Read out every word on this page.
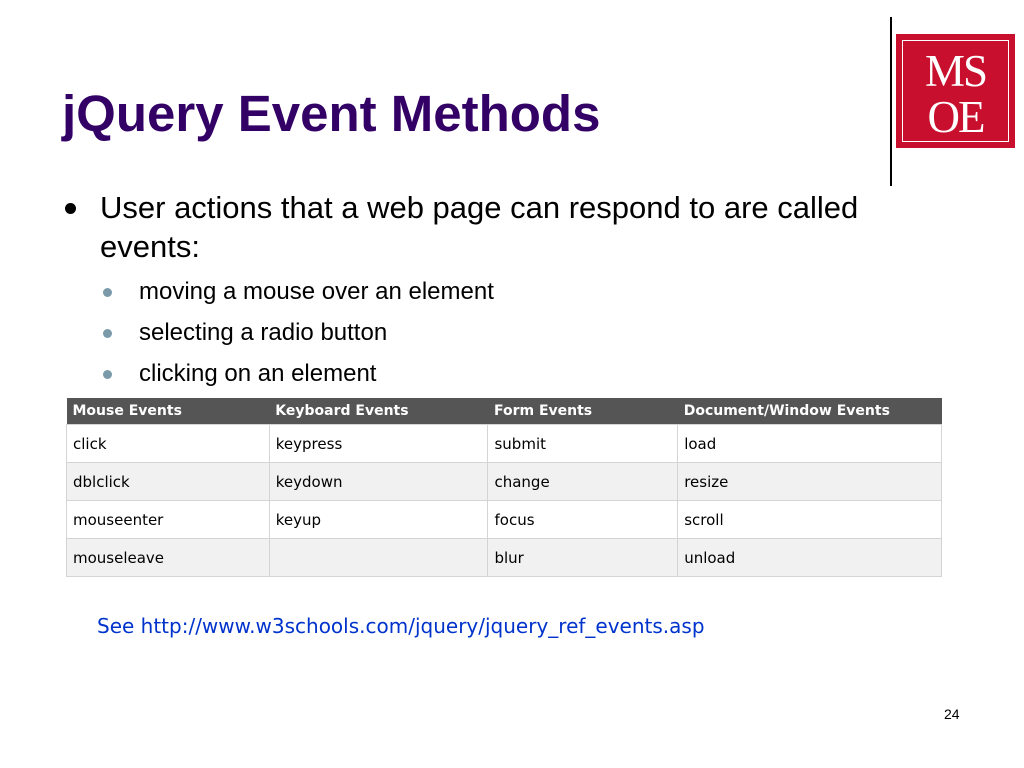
jQuery Event Methods
MS
OE
User actions that a web page can respond to are called events:
moving a mouse over an element
selecting a radio button
clicking on an element
Mouse Events	Keyboard Events	Form Events	Document/Window Events
click	keypress	submit	load
dblclick	keydown	change	resize
mouseenter	keyup	focus	scroll
mouseleave		blur	unload
See http://www.w3schools.com/jquery/jquery_ref_events.asp
24
